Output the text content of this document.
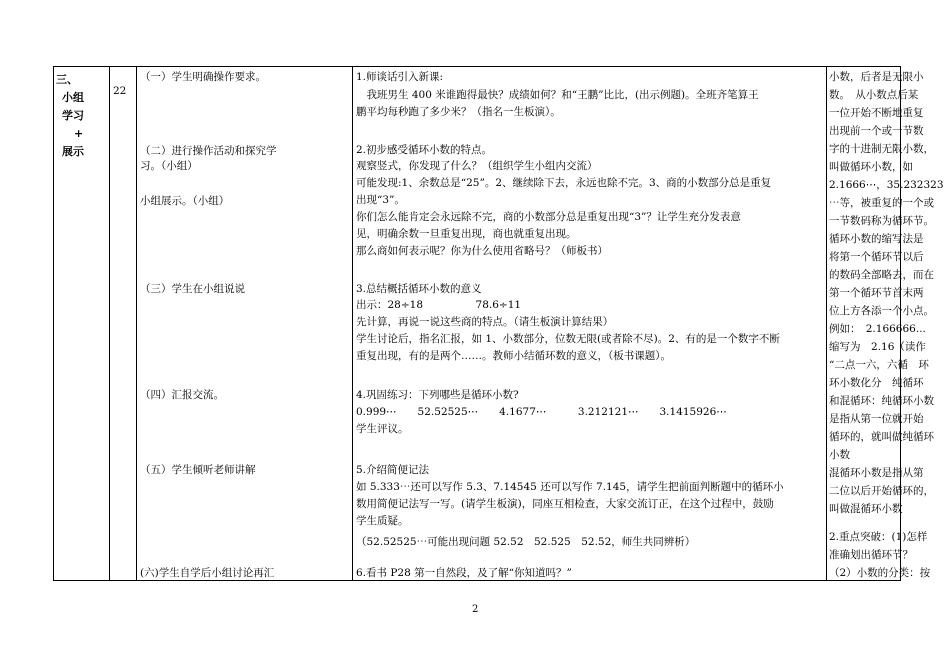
三、
小组
学习
+
展示
22
（一）学生明确操作要求。
（二）进行操作活动和探究学
习。（小组）
小组展示。（小组）
（三）学生在小组说说
（四）汇报交流。
（五）学生倾听老师讲解
(六)学生自学后小组讨论再汇
1.师谈话引入新课:
　我班男生 400 米谁跑得最快？成绩如何？和“王鹏”比比，(出示例题)。全班齐笔算王
鹏平均每秒跑了多少米？（指名一生板演）。
2.初步感受循环小数的特点。
观察竖式，你发现了什么？（组织学生小组内交流）
可能发现:1、余数总是“25”。2、继续除下去，永远也除不完。3、商的小数部分总是重复
出现“3”。
你们怎么能肯定会永远除不完，商的小数部分总是重复出现“3”？让学生充分发表意
见，明确余数一旦重复出现，商也就重复出现。
那么商如何表示呢？你为什么使用省略号？（师板书）
3.总结概括循环小数的意义
出示：28÷18　　　　　78.6÷11
先计算，再说一说这些商的特点。（请生板演计算结果）
学生讨论后，指名汇报，如 1、小数部分，位数无限(或者除不尽)。2、有的是一个数字不断
重复出现，有的是两个……。教师小结循环数的意义，（板书课题）。
4.巩固练习：下列哪些是循环小数?
0.999⋯　　52.52525⋯　　4.1677⋯　　　3.212121⋯　　3.1415926⋯
学生评议。
5.介绍简便记法
如 5.333⋯还可以写作 5.3、7.14545 还可以写作 7.145，请学生把前面判断题中的循环小
数用简便记法写一写。(请学生板演)，同座互相检查，大家交流订正，在这个过程中，鼓励
学生质疑。
（52.52525⋯可能出现问题 52.52　52.525　52.52，师生共同辨析）
6.看书 P28 第一自然段，及了解“你知道吗？”
小数，后者是无限小
数。　从小数点后某
一位开始不断地重复
出现前一个或一节数
字的十进制无限小数，
叫做循环小数，如
2.1666⋯，35.232323
⋯等，被重复的一个或
一节数码称为循环节。
循环小数的缩写法是
将第一个循环节以后
的数码全部略去，而在
第一个循环节首末两
位上方各添一个小点。
例如：　2.166666...
缩写为　2.16（读作
“二点一六，六循　环
环小数化分　纯循环
和混循环：纯循环小数
是指从第一位就开始
循环的，就叫做纯循环
小数
混循环小数是指从第
二位以后开始循环的，
叫做混循环小数
2.重点突破：(1)怎样
准确划出循环节？
（2）小数的分类：按
2
